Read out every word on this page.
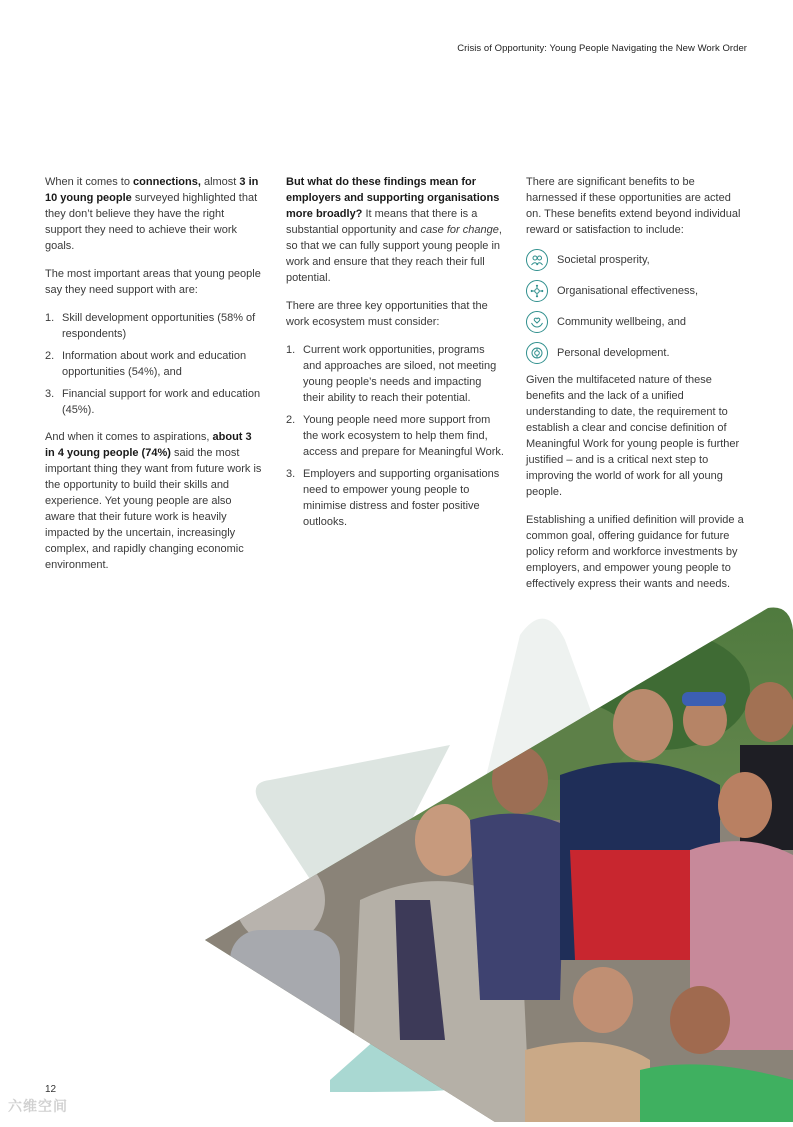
Crisis of Opportunity: Young People Navigating the New Work Order

When it comes to connections, almost 3 in 10 young people surveyed highlighted that they don’t believe they have the right support they need to achieve their work goals.

The most important areas that young people say they need support with are:

1. Skill development opportunities (58% of respondents)
2. Information about work and education opportunities (54%), and
3. Financial support for work and education (45%).

And when it comes to aspirations, about 3 in 4 young people (74%) said the most important thing they want from future work is the opportunity to build their skills and experience. Yet young people are also aware that their future work is heavily impacted by the uncertain, increasingly complex, and rapidly changing economic environment.

But what do these findings mean for employers and supporting organisations more broadly? It means that there is a substantial opportunity and case for change, so that we can fully support young people in work and ensure that they reach their full potential.

There are three key opportunities that the work ecosystem must consider:

1. Current work opportunities, programs and approaches are siloed, not meeting young people’s needs and impacting their ability to reach their potential.
2. Young people need more support from the work ecosystem to help them find, access and prepare for Meaningful Work.
3. Employers and supporting organisations need to empower young people to minimise distress and foster positive outlooks.

There are significant benefits to be harnessed if these opportunities are acted on. These benefits extend beyond individual reward or satisfaction to include:

Societal prosperity,
Organisational effectiveness,
Community wellbeing, and
Personal development.

Given the multifaceted nature of these benefits and the lack of a unified understanding to date, the requirement to establish a clear and concise definition of Meaningful Work for young people is further justified – and is a critical next step to improving the world of work for all young people.

Establishing a unified definition will provide a common goal, offering guidance for future policy reform and workforce investments by employers, and empower young people to effectively express their wants and needs.

12
六维空间
